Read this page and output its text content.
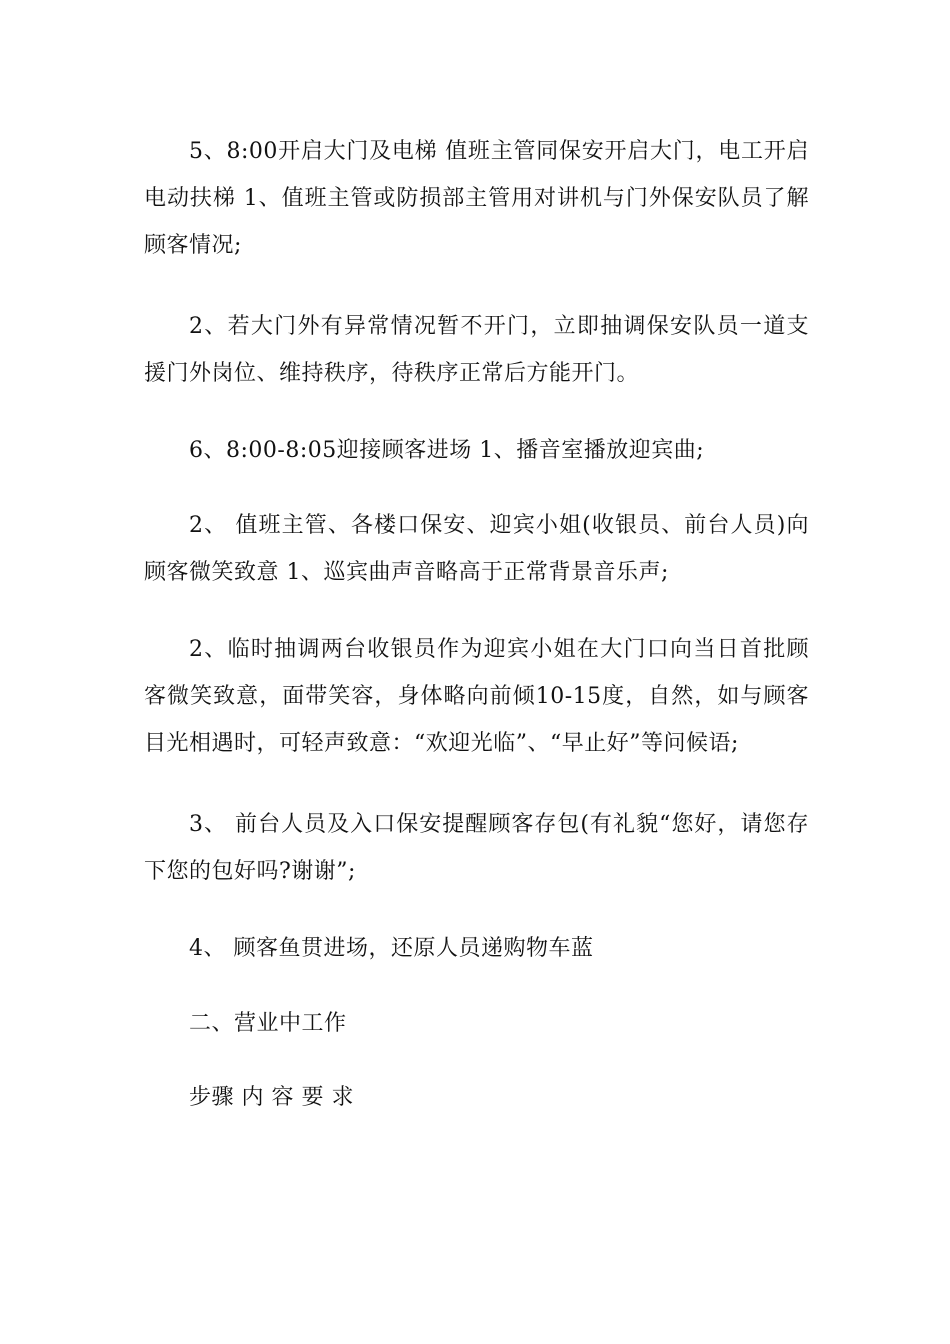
5、8:00开启大门及电梯 值班主管同保安开启大门，电工开启电动扶梯 1、值班主管或防损部主管用对讲机与门外保安队员了解顾客情况;

2、若大门外有异常情况暂不开门，立即抽调保安队员一道支援门外岗位、维持秩序，待秩序正常后方能开门。

6、8:00-8:05迎接顾客进场 1、播音室播放迎宾曲;

2、 值班主管、各楼口保安、迎宾小姐(收银员、前台人员)向顾客微笑致意 1、巡宾曲声音略高于正常背景音乐声;

2、临时抽调两台收银员作为迎宾小姐在大门口向当日首批顾客微笑致意，面带笑容，身体略向前倾10-15度，自然，如与顾客目光相遇时，可轻声致意：“欢迎光临”、“早止好”等问候语;

3、 前台人员及入口保安提醒顾客存包(有礼貌“您好，请您存下您的包好吗?谢谢”;

4、 顾客鱼贯进场，还原人员递购物车蓝

二、营业中工作

步骤 内 容 要 求
